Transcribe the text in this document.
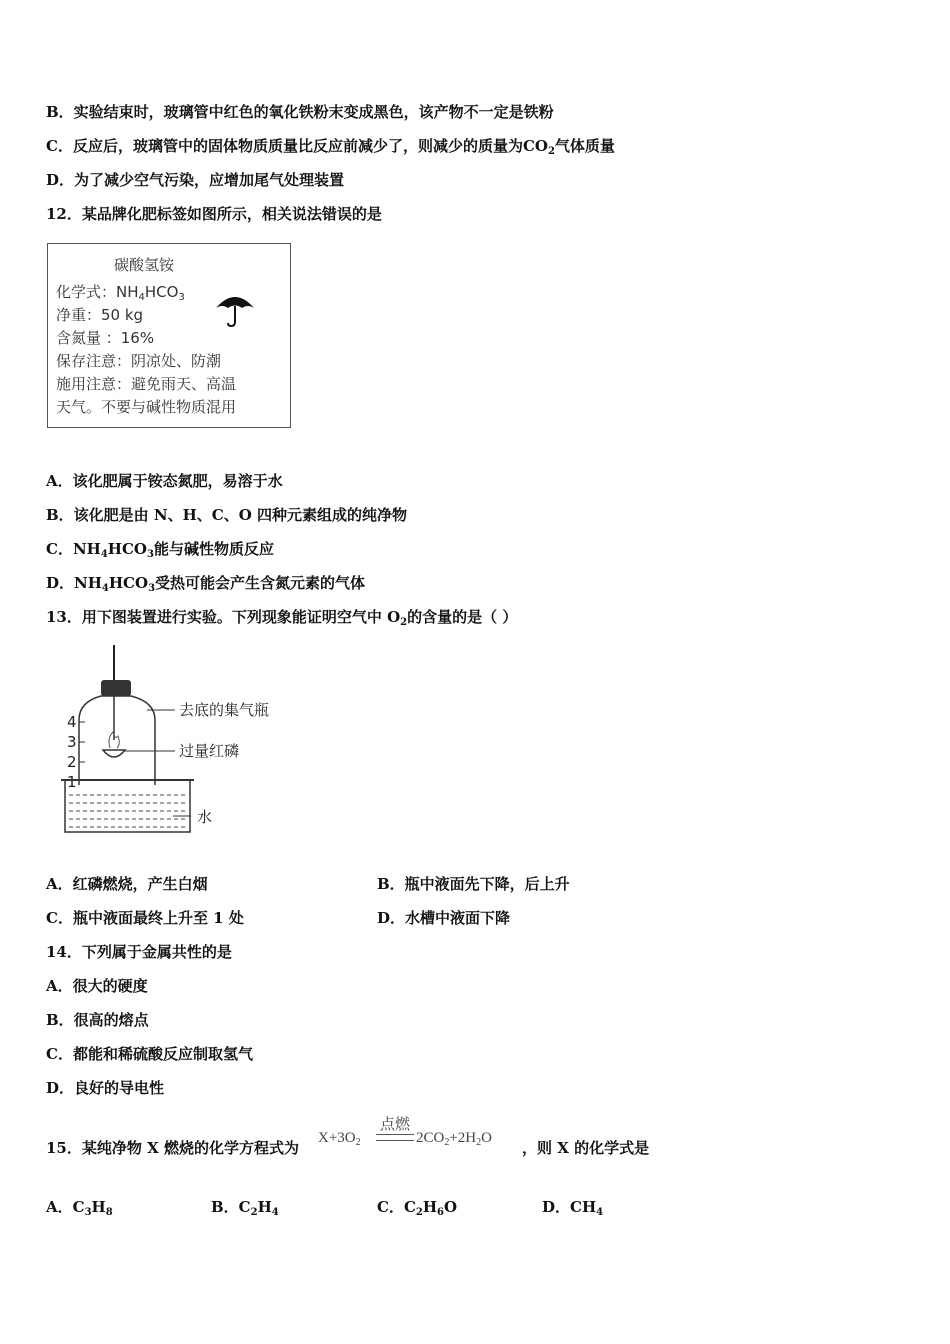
B．实验结束时，玻璃管中红色的氧化铁粉末变成黑色，该产物不一定是铁粉
C．反应后，玻璃管中的固体物质质量比反应前减少了，则减少的质量为$CO_2$气体质量
D．为了减少空气污染，应增加尾气处理装置
12．某品牌化肥标签如图所示，相关说法错误的是
碳酸氢铵
化学式：$NH_4HCO_3$
净重：50 kg
含氮量 ：16%
保存注意：阴凉处、防潮
施用注意：避免雨天、高温
天气。不要与碱性物质混用
A．该化肥属于铵态氮肥，易溶于水
B．该化肥是由 N、H、C、O 四种元素组成的纯净物
C．$NH_4HCO_3$能与碱性物质反应
D．$NH_4HCO_3$受热可能会产生含氮元素的气体
13．用下图装置进行实验。下列现象能证明空气中 $O_2$的含量的是（ ）
4
3
2
1
去底的集气瓶
过量红磷
水
A．红磷燃烧，产生白烟	B．瓶中液面先下降，后上升
C．瓶中液面最终上升至 1 处	D．水槽中液面下降
14．下列属于金属共性的是
A．很大的硬度
B．很高的熔点
C．都能和稀硫酸反应制取氢气
D．良好的导电性
15．某纯净物 X 燃烧的化学方程式为
$X+3O_2$
点燃
$2CO_2+2H_2O$
，则 X 的化学式是
A．$C_3H_8$	B．$C_2H_4$	C．$C_2H_6O$	D．$CH_4$
